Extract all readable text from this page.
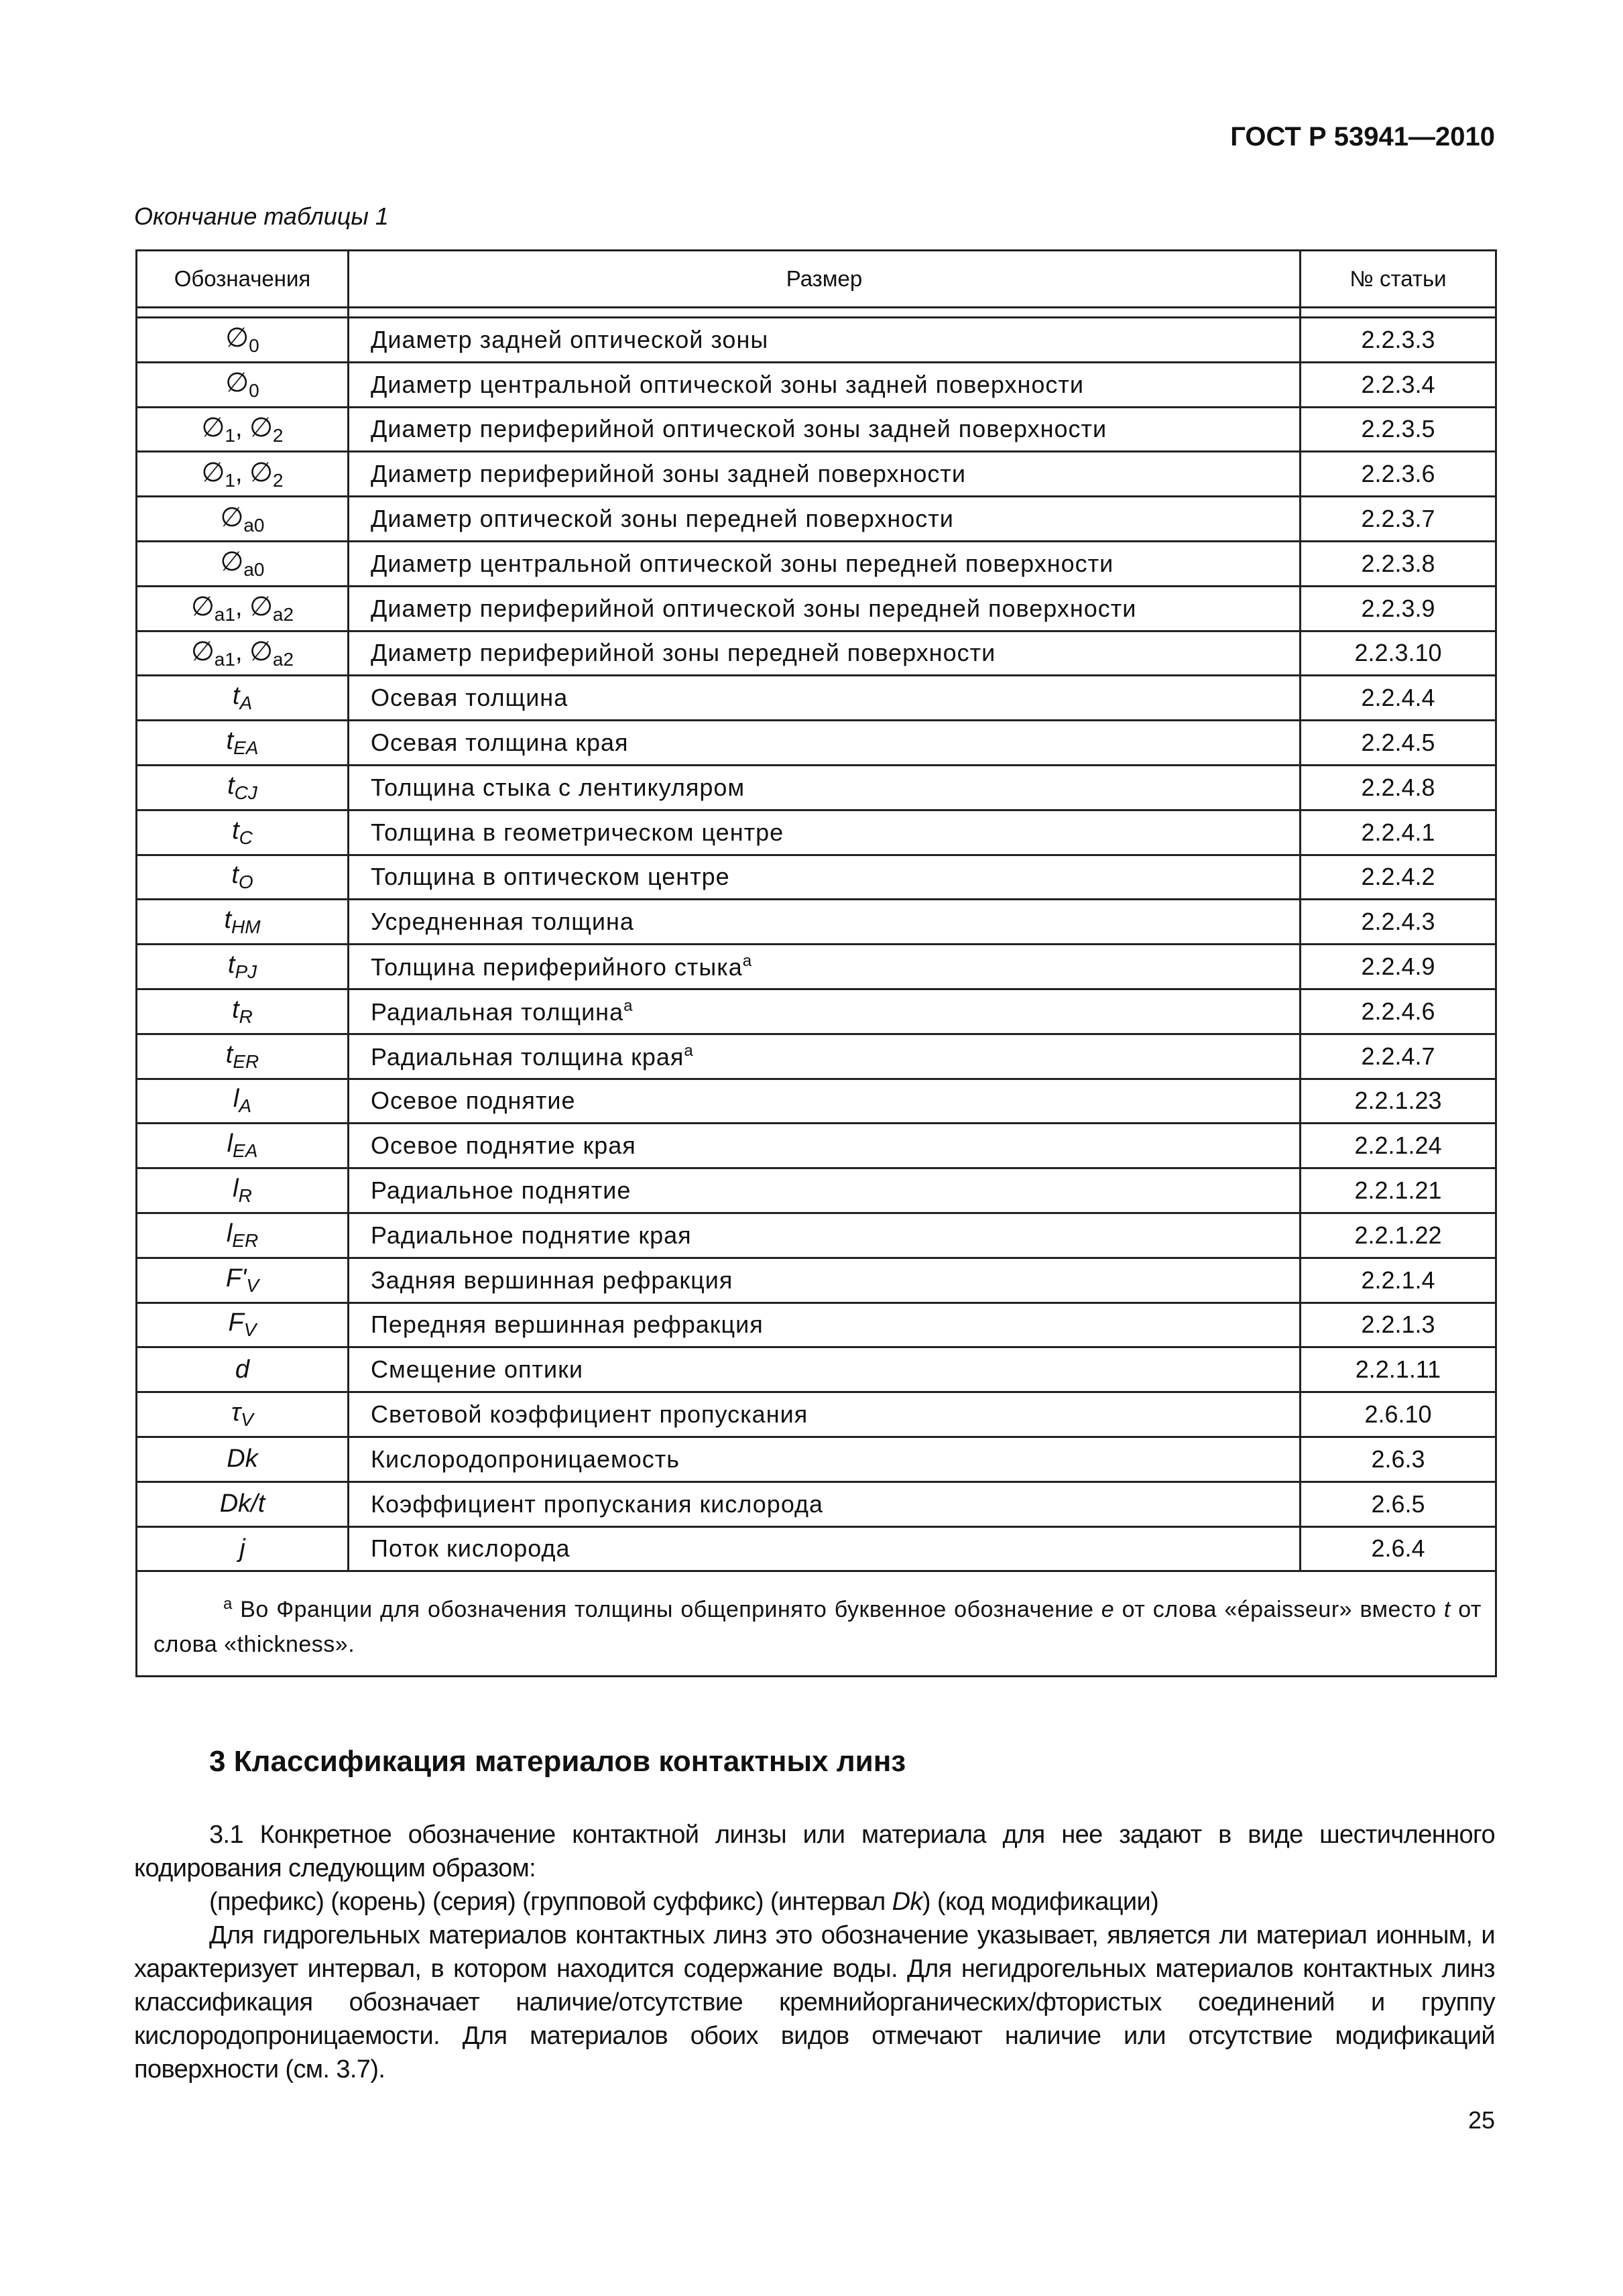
ГОСТ Р 53941—2010
Окончание таблицы 1
Обозначения	Размер	№ статьи

$\emptyset_0$	Диаметр задней оптической зоны	2.2.3.3
$\emptyset_0$	Диаметр центральной оптической зоны задней поверхности	2.2.3.4
$\emptyset_1$, $\emptyset_2$	Диаметр периферийной оптической зоны задней поверхности	2.2.3.5
$\emptyset_1$, $\emptyset_2$	Диаметр периферийной зоны задней поверхности	2.2.3.6
$\emptyset_{a0}$	Диаметр оптической зоны передней поверхности	2.2.3.7
$\emptyset_{a0}$	Диаметр центральной оптической зоны передней поверхности	2.2.3.8
$\emptyset_{a1}$, $\emptyset_{a2}$	Диаметр периферийной оптической зоны передней поверхности	2.2.3.9
$\emptyset_{a1}$, $\emptyset_{a2}$	Диаметр периферийной зоны передней поверхности	2.2.3.10
$t_A$	Осевая толщина	2.2.4.4
$t_{EA}$	Осевая толщина края	2.2.4.5
$t_{CJ}$	Толщина стыка с лентикуляром	2.2.4.8
$t_C$	Толщина в геометрическом центре	2.2.4.1
$t_O$	Толщина в оптическом центре	2.2.4.2
$t_{HM}$	Усредненная толщина	2.2.4.3
$t_{PJ}$	Толщина периферийного стыка$^a$	2.2.4.9
$t_R$	Радиальная толщина$^a$	2.2.4.6
$t_{ER}$	Радиальная толщина края$^a$	2.2.4.7
$l_A$	Осевое поднятие	2.2.1.23
$l_{EA}$	Осевое поднятие края	2.2.1.24
$l_R$	Радиальное поднятие	2.2.1.21
$l_{ER}$	Радиальное поднятие края	2.2.1.22
$F'_V$	Задняя вершинная рефракция	2.2.1.4
$F_V$	Передняя вершинная рефракция	2.2.1.3
d	Смещение оптики	2.2.1.11
$\tau_V$	Световой коэффициент пропускания	2.6.10
Dk	Кислородопроницаемость	2.6.3
Dk/t	Коэффициент пропускания кислорода	2.6.5
j	Поток кислорода	2.6.4
$^a$ Во Франции для обозначения толщины общепринято буквенное обозначение e от слова «épaisseur» вместо t от слова «thickness».		
3 Классификация материалов контактных линз

3.1 Конкретное обозначение контактной линзы или материала для нее задают в виде шестичленного кодирования следующим образом:

(префикс) (корень) (серия) (групповой суффикс) (интервал Dk) (код модификации)

Для гидрогельных материалов контактных линз это обозначение указывает, является ли материал ионным, и характеризует интервал, в котором находится содержание воды. Для негидрогельных материалов контактных линз классификация обозначает наличие/отсутствие кремнийорганических/фтористых соединений и группу кислородопроницаемости. Для материалов обоих видов отмечают наличие или отсутствие модификаций поверхности (см. 3.7).

25
